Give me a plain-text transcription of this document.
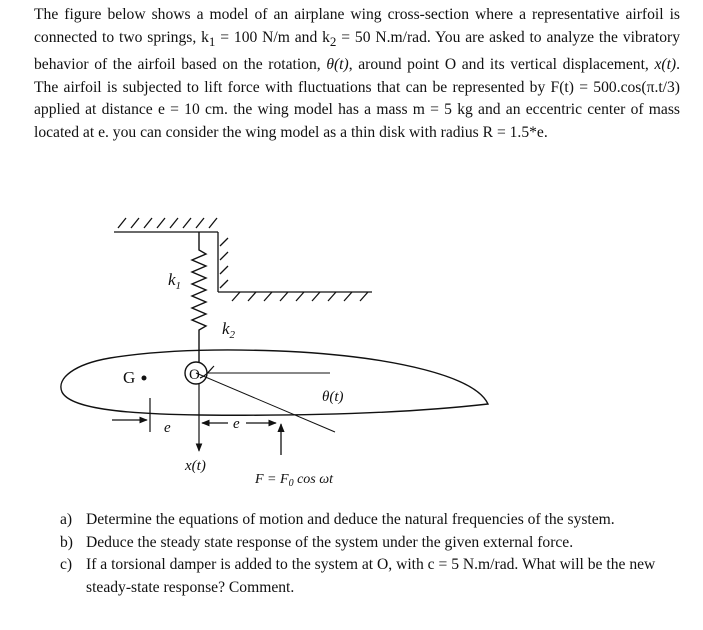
The figure below shows a model of an airplane wing cross-section where a representative airfoil is connected to two springs, $k_1 = 100$ N/m and $k_2 = 50$ N.m/rad. You are asked to analyze the vibratory behavior of the airfoil based on the rotation, θ(t), around point O and its vertical displacement, x(t). The airfoil is subjected to lift force with fluctuations that can be represented by F(t) = 500.cos(π.t/3) applied at distance e = 10 cm. the wing model has a mass m = 5 kg and an eccentric center of mass located at e. you can consider the wing model as a thin disk with radius R = 1.5*e.

$k_1$
$k_2$
O
θ(t)
G
e
x(t)
e
$F = F_0$ cos ωt
a) Determine the equations of motion and deduce the natural frequencies of the system.
b) Deduce the steady state response of the system under the given external force.
c) If a torsional damper is added to the system at O, with c = 5 N.m/rad. What will be the new steady-state response? Comment.
